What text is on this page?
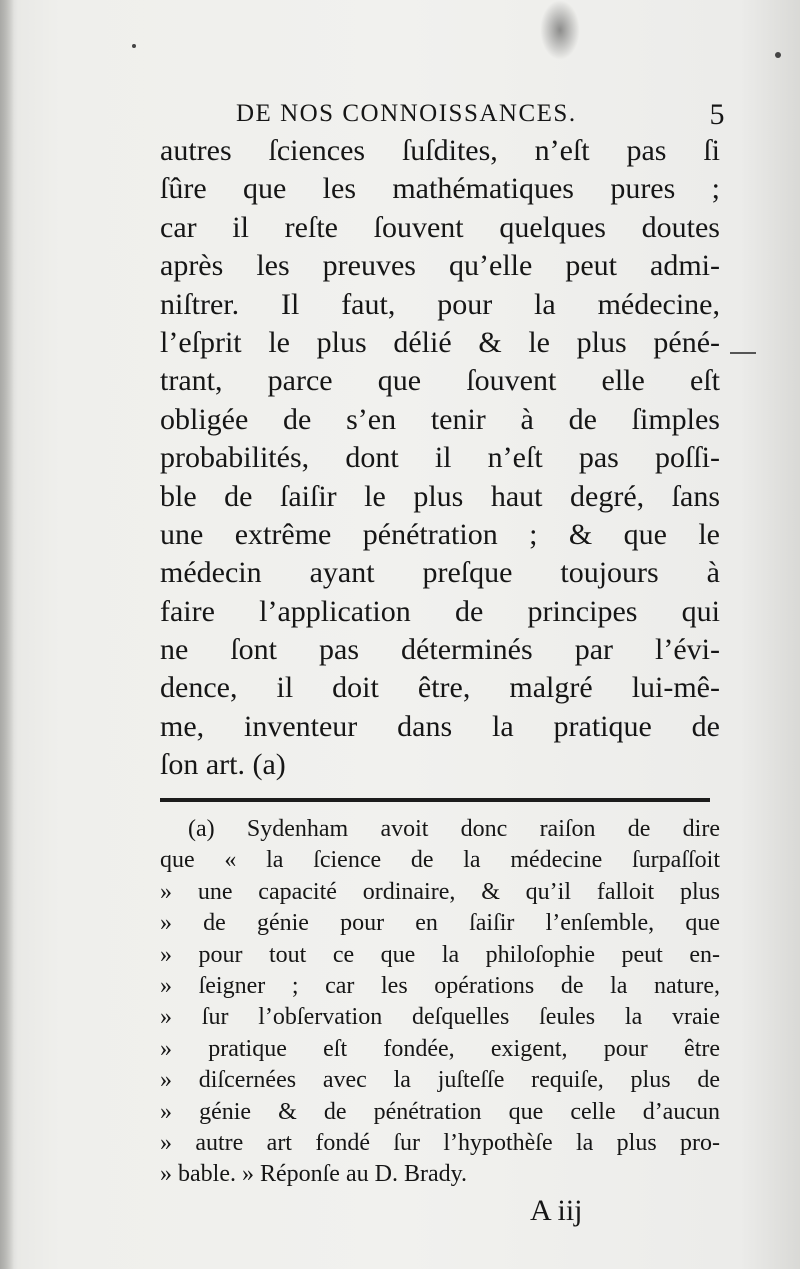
DE NOS CONNOISSANCES.	5
autres ſciences ſuſdites, n’eſt pas ſi
ſûre que les mathématiques pures ;
car il reſte ſouvent quelques doutes
après les preuves qu’elle peut admi-
niſtrer. Il faut, pour la médecine,
l’eſprit le plus délié & le plus péné-
trant, parce que ſouvent elle eſt
obligée de s’en tenir à de ſimples
probabilités, dont il n’eſt pas poſſi-
ble de ſaiſir le plus haut degré, ſans
une extrême pénétration ; & que le
médecin ayant preſque toujours à
faire l’application de principes qui
ne ſont pas déterminés par l’évi-
dence, il doit être, malgré lui-mê-
me, inventeur dans la pratique de
ſon art. (a)
(a) Sydenham avoit donc raiſon de dire
que « la ſcience de la médecine ſurpaſſoit
» une capacité ordinaire, & qu’il falloit plus
» de génie pour en ſaiſir l’enſemble, que
» pour tout ce que la philoſophie peut en-
» ſeigner ; car les opérations de la nature,
» ſur l’obſervation deſquelles ſeules la vraie
» pratique eſt fondée, exigent, pour être
» diſcernées avec la juſteſſe requiſe, plus de
» génie & de pénétration que celle d’aucun
» autre art fondé ſur l’hypothèſe la plus pro-
» bable. » Réponſe au D. Brady.
A iij
